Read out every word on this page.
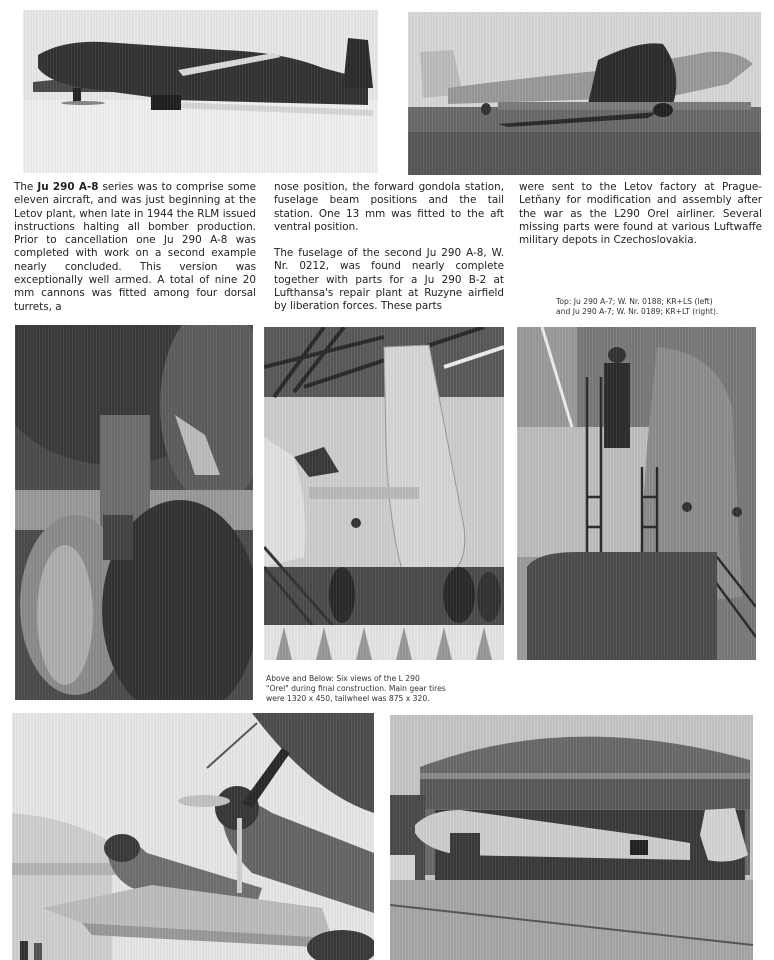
The Ju 290 A-8 series was to comprise some eleven aircraft, and was just beginning at the Letov plant, when late in 1944 the RLM issued instructions halting all bomber production. Prior to cancellation one Ju 290 A-8 was completed with work on a second example nearly concluded. This version was exceptionally well armed. A total of nine 20 mm cannons was fitted among four dorsal turrets, a

nose position, the forward gondola station, fuselage beam positions and the tail station. One 13 mm was fitted to the aft ventral position.

The fuselage of the second Ju 290 A-8, W. Nr. 0212, was found nearly complete together with parts for a Ju 290 B-2 at Lufthansa's repair plant at Ruzyne airfield by liberation forces. These parts

were sent to the Letov factory at Prague-Letňany for modification and assembly after the war as the L290 Orel airliner. Several missing parts were found at various Luftwaffe military depots in Czechoslovakia.

Top: Ju 290 A-7; W. Nr. 0188; KR+LS (left)
and Ju 290 A-7; W. Nr. 0189; KR+LT (right).
Above and Below: Six views of the L 290
"Orel" during final construction. Main gear tires
were 1320 x 450, tailwheel was 875 x 320.
